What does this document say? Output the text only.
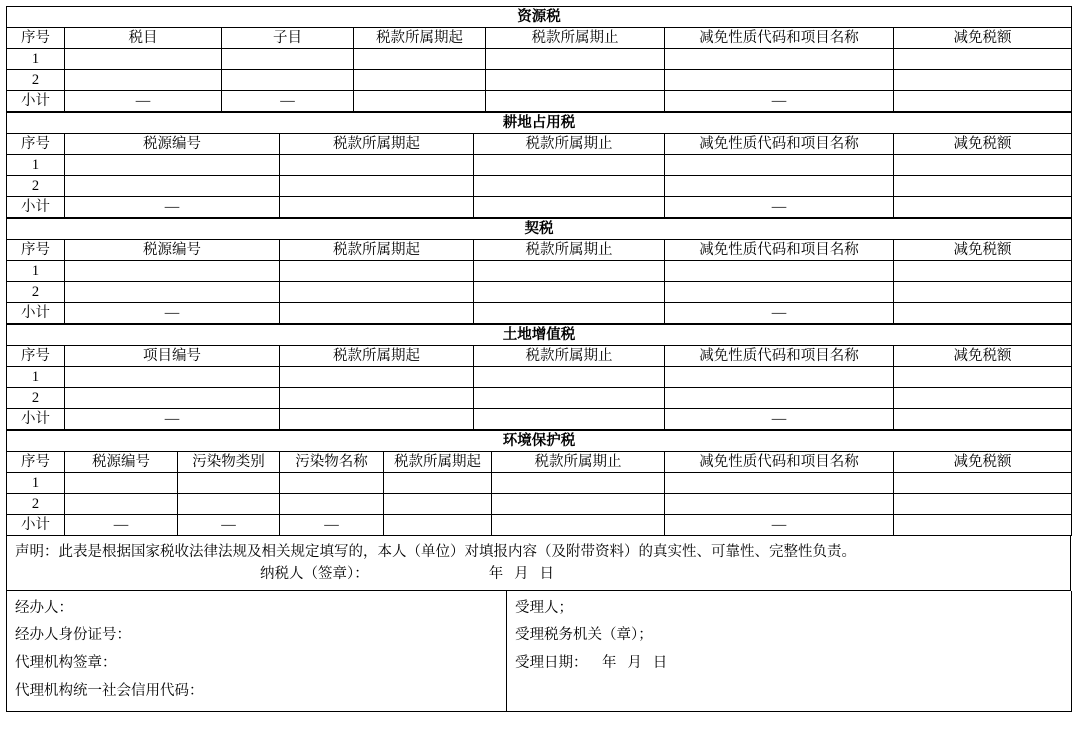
资源税						
序号	税目	子目	税款所属期起	税款所属期止	减免性质代码和项目名称	减免税额
1						
2						
小计	—	—			—	
耕地占用税					
序号	税源编号	税款所属期起	税款所属期止	减免性质代码和项目名称	减免税额
1					
2					
小计	—			—	
契税					
序号	税源编号	税款所属期起	税款所属期止	减免性质代码和项目名称	减免税额
1					
2					
小计	—			—	
土地增值税					
序号	项目编号	税款所属期起	税款所属期止	减免性质代码和项目名称	减免税额
1					
2					
小计	—			—	
环境保护税							
序号	税源编号	污染物类别	污染物名称	税款所属期起	税款所属期止	减免性质代码和项目名称	减免税额
1							
2							
小计	—	—	—			—	
声明：此表是根据国家税收法律法规及相关规定填写的，本人（单位）对填报内容（及附带资料）的真实性、可靠性、完整性负责。
纳税人（签章）：	年   月   日
经办人：
经办人身份证号：
代理机构签章：
代理机构统一社会信用代码：

受理人；
受理税务机关（章）；
受理日期：    年   月   日
